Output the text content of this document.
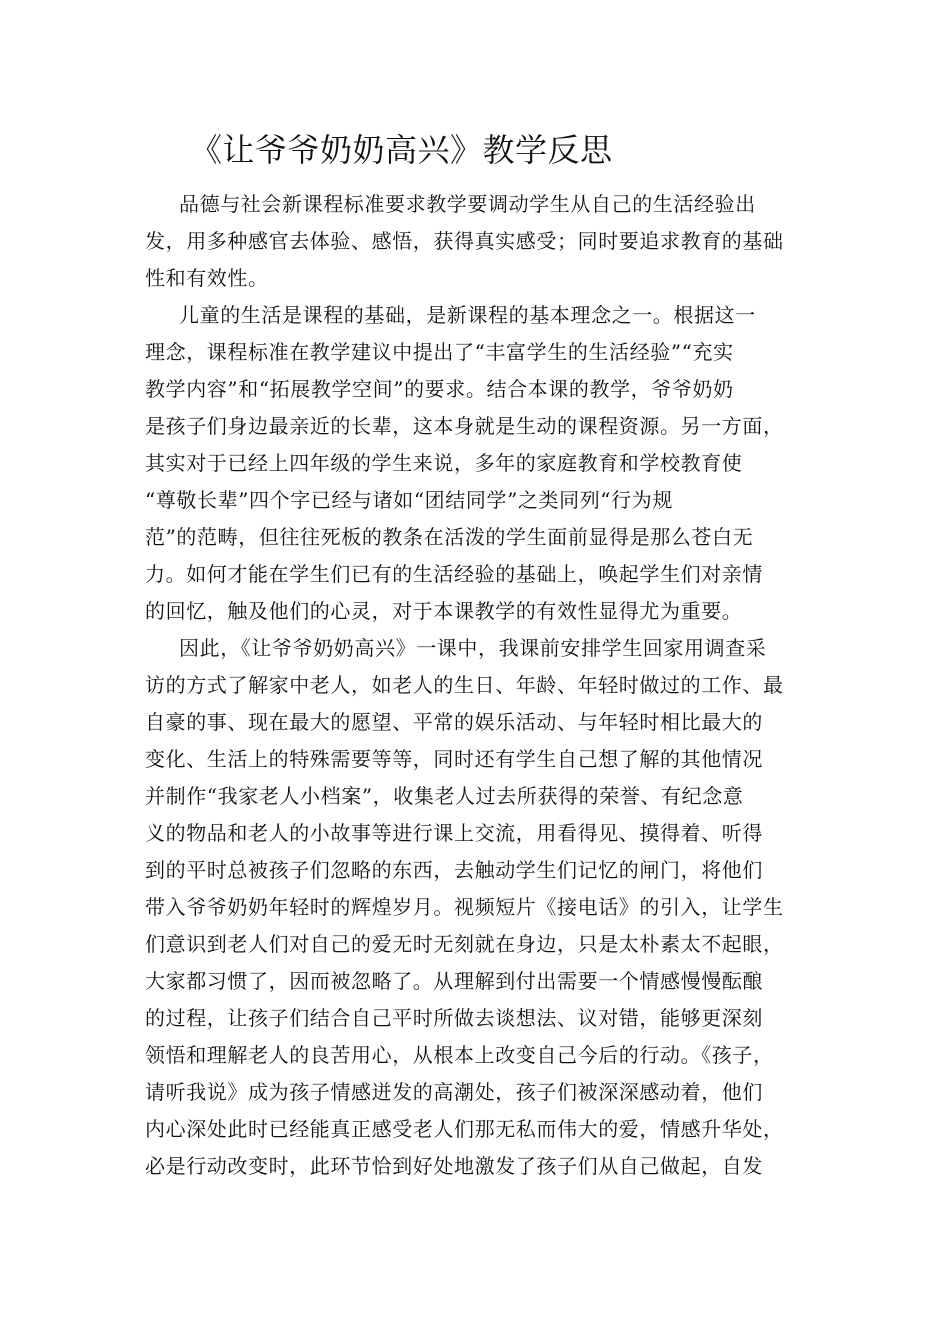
《让爷爷奶奶高兴》教学反思
品德与社会新课程标准要求教学要调动学生从自己的生活经验出
发，用多种感官去体验、感悟，获得真实感受；同时要追求教育的基础
性和有效性。
儿童的生活是课程的基础，是新课程的基本理念之一。根据这一
理念，课程标准在教学建议中提出了“丰富学生的生活经验”“充实
教学内容”和“拓展教学空间”的要求。结合本课的教学，爷爷奶奶
是孩子们身边最亲近的长辈，这本身就是生动的课程资源。另一方面，
其实对于已经上四年级的学生来说，多年的家庭教育和学校教育使
“尊敬长辈”四个字已经与诸如“团结同学”之类同列“行为规
范”的范畴，但往往死板的教条在活泼的学生面前显得是那么苍白无
力。如何才能在学生们已有的生活经验的基础上，唤起学生们对亲情
的回忆，触及他们的心灵，对于本课教学的有效性显得尤为重要。
因此，《让爷爷奶奶高兴》一课中，我课前安排学生回家用调查采
访的方式了解家中老人，如老人的生日、年龄、年轻时做过的工作、最
自豪的事、现在最大的愿望、平常的娱乐活动、与年轻时相比最大的
变化、生活上的特殊需要等等，同时还有学生自己想了解的其他情况
并制作“我家老人小档案”，收集老人过去所获得的荣誉、有纪念意
义的物品和老人的小故事等进行课上交流，用看得见、摸得着、听得
到的平时总被孩子们忽略的东西，去触动学生们记忆的闸门，将他们
带入爷爷奶奶年轻时的辉煌岁月。视频短片《接电话》的引入，让学生
们意识到老人们对自己的爱无时无刻就在身边，只是太朴素太不起眼，
大家都习惯了，因而被忽略了。从理解到付出需要一个情感慢慢酝酿
的过程，让孩子们结合自己平时所做去谈想法、议对错，能够更深刻
领悟和理解老人的良苦用心，从根本上改变自己今后的行动。《孩子，
请听我说》成为孩子情感迸发的高潮处，孩子们被深深感动着，他们
内心深处此时已经能真正感受老人们那无私而伟大的爱，情感升华处，
必是行动改变时，此环节恰到好处地激发了孩子们从自己做起，自发
